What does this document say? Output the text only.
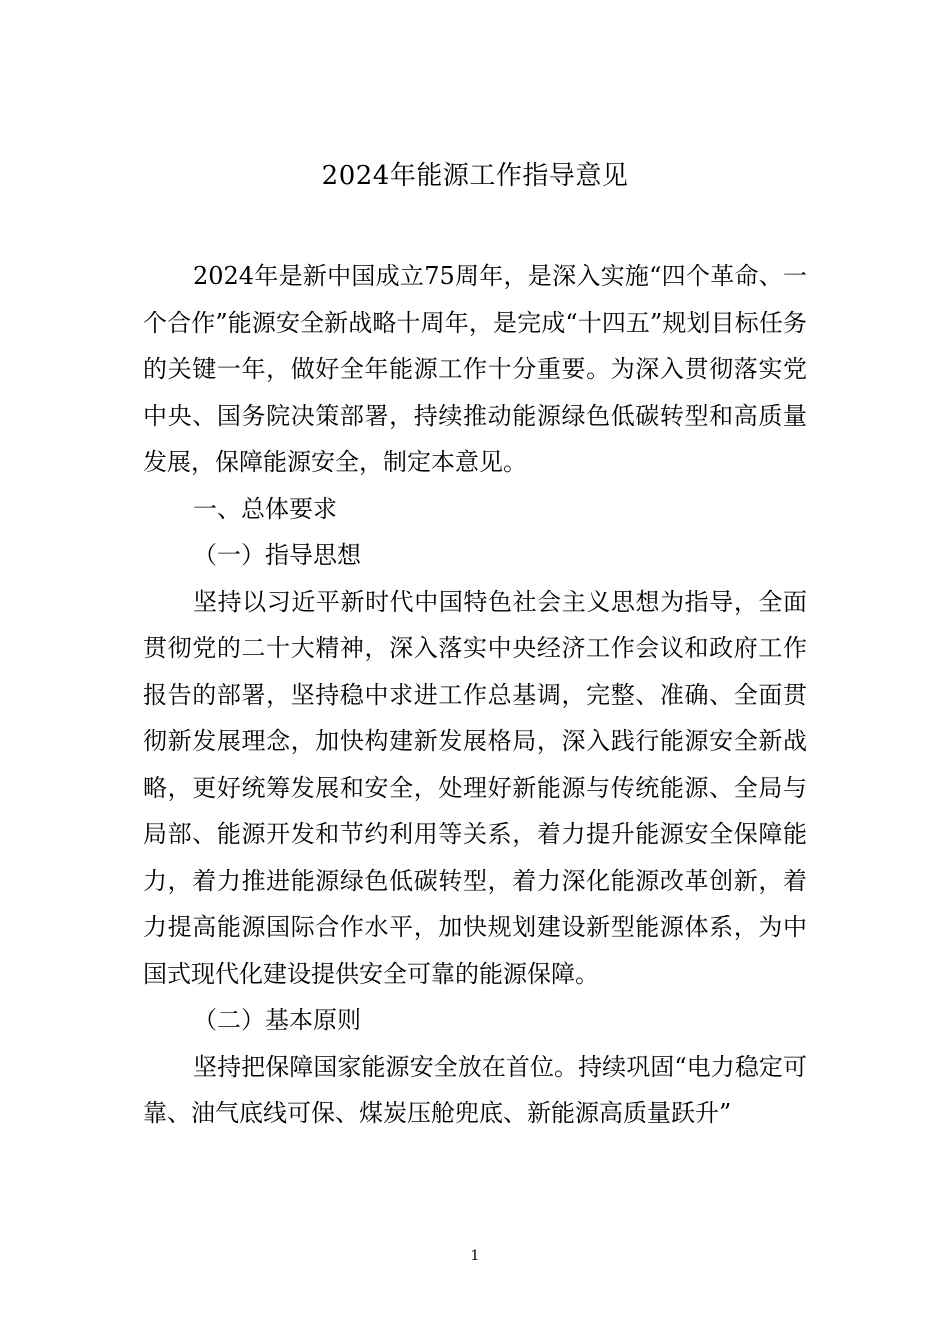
2024年能源工作指导意见

2024年是新中国成立75周年，是深入实施“四个革命、一个合作”能源安全新战略十周年，是完成“十四五”规划目标任务的关键一年，做好全年能源工作十分重要。为深入贯彻落实党中央、国务院决策部署，持续推动能源绿色低碳转型和高质量发展，保障能源安全，制定本意见。

一、总体要求

（一）指导思想

坚持以习近平新时代中国特色社会主义思想为指导，全面贯彻党的二十大精神，深入落实中央经济工作会议和政府工作报告的部署，坚持稳中求进工作总基调，完整、准确、全面贯彻新发展理念，加快构建新发展格局，深入践行能源安全新战略，更好统筹发展和安全，处理好新能源与传统能源、全局与局部、能源开发和节约利用等关系，着力提升能源安全保障能力，着力推进能源绿色低碳转型，着力深化能源改革创新，着力提高能源国际合作水平，加快规划建设新型能源体系，为中国式现代化建设提供安全可靠的能源保障。

（二）基本原则

坚持把保障国家能源安全放在首位。持续巩固“电力稳定可靠、油气底线可保、煤炭压舱兜底、新能源高质量跃升”

1
